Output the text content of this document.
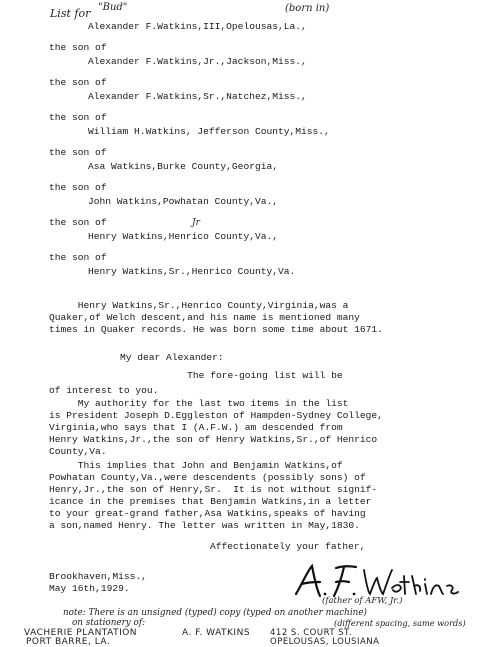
List for "Bud"	(born in)
Alexander F.Watkins,III,Opelousas,La.,
the son of
Alexander F.Watkins,Jr.,Jackson,Miss.,
the son of
Alexander F.Watkins,Sr.,Natchez,Miss.,
the son of
William H.Watkins, Jefferson County,Miss.,
the son of
Asa Watkins,Burke County,Georgia,
the son of
John Watkins,Powhatan County,Va.,
the son of	Jr
Henry Watkins,Henrico County,Va.,
the son of
Henry Watkins,Sr.,Henrico County,Va.
Henry Watkins,Sr.,Henrico County,Virginia,was a
Quaker,of Welch descent,and his name is mentioned many
times in Quaker records. He was born some time about 1671.
My dear Alexander:
The fore-going list will be
of interest to you.
My authority for the last two items in the list
is President Joseph D.Eggleston of Hampden-Sydney College,
Virginia,who says that I (A.F.W.) am descended from
Henry Watkins,Jr.,the son of Henry Watkins,Sr.,of Henrico
County,Va.
This implies that John and Benjamin Watkins,of
Powhatan County,Va.,were descendents (possibly sons) of
Henry,Jr.,the son of Henry,Sr.  It is not without signif-
icance in the premises that Benjamin Watkins,in a letter
to your great-grand father,Asa Watkins,speaks of having
a son,named Henry. The letter was written in May,1830.
Affectionately your father,
Brookhaven,Miss.,
May 16th,1929.
(father of AFW, Jr.)
note: There is an unsigned (typed) copy (typed on another machine)
on stationery of:	(different spacing, same words)
VACHERIE PLANTATION
PORT BARRE, LA.
A. F. WATKINS 412 S. COURT ST.
OPELOUSAS, LOUSIANA
